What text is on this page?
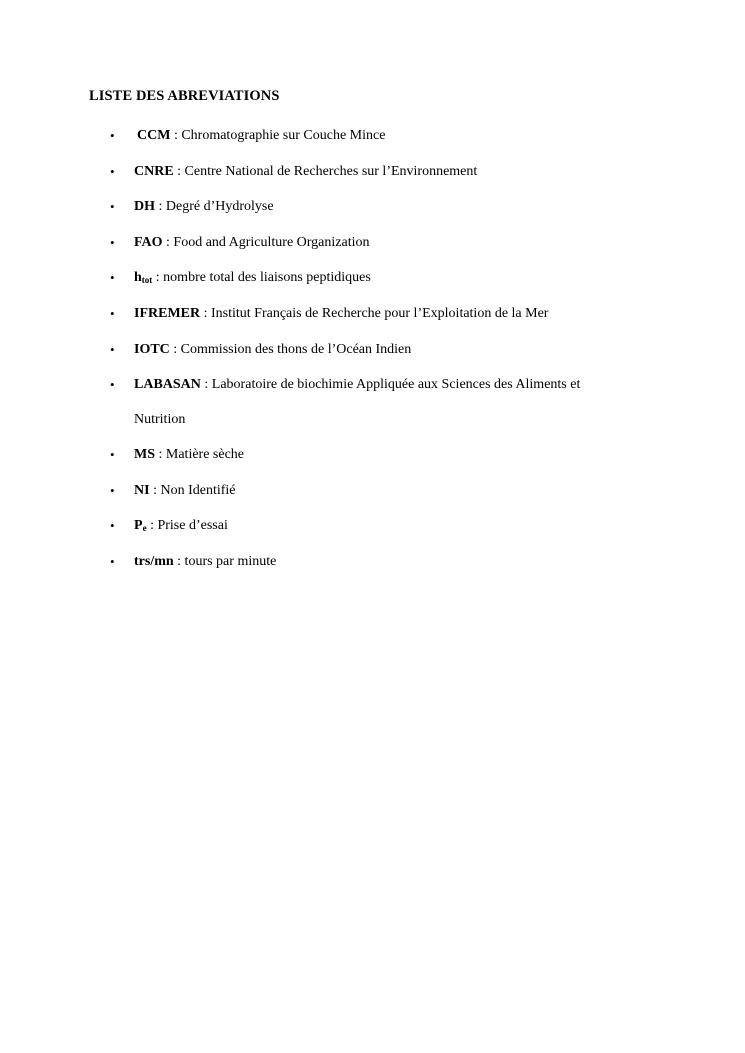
LISTE DES ABREVIATIONS
• CCM : Chromatographie sur Couche Mince
• CNRE : Centre National de Recherches sur l’Environnement
• DH : Degré d’Hydrolyse
• FAO : Food and Agriculture Organization
• $h_{tot}$ : nombre total des liaisons peptidiques
• IFREMER : Institut Français de Recherche pour l’Exploitation de la Mer
• IOTC : Commission des thons de l’Océan Indien
• LABASAN : Laboratoire de biochimie Appliquée aux Sciences des Aliments et
Nutrition
• MS : Matière sèche
• NI : Non Identifié
• $P_e$ : Prise d’essai
• trs/mn : tours par minute
